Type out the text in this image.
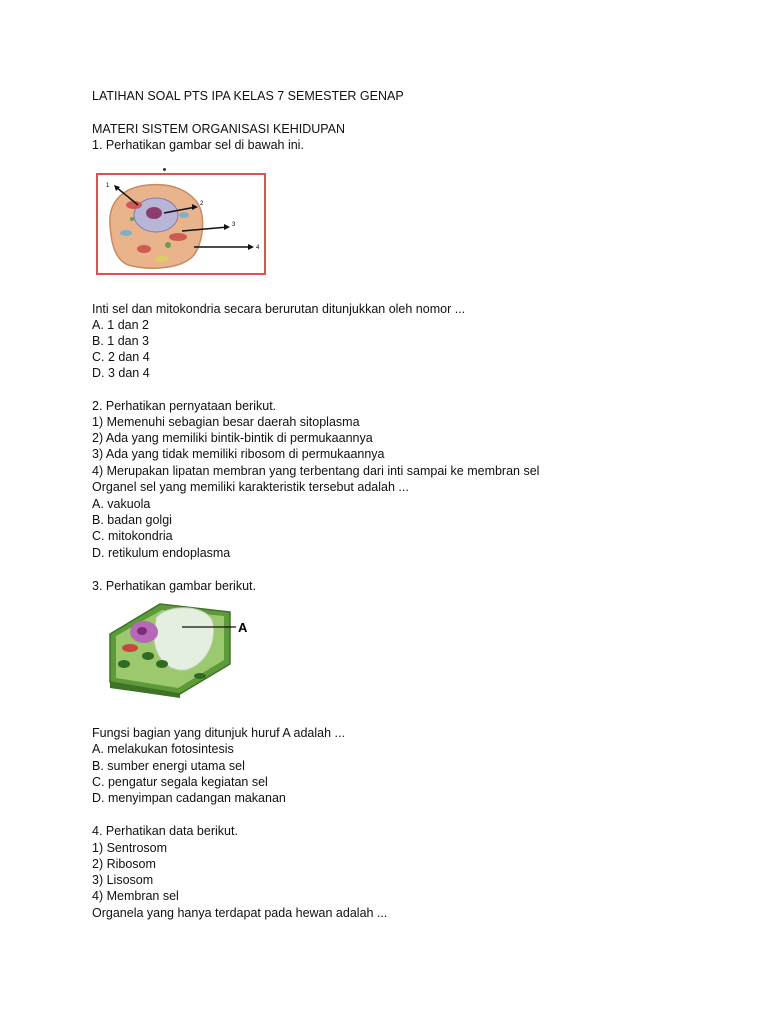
LATIHAN SOAL PTS IPA KELAS 7 SEMESTER GENAP
MATERI SISTEM ORGANISASI KEHIDUPAN
1. Perhatikan gambar sel di bawah ini.
1
2
3
4
Inti sel dan mitokondria secara berurutan ditunjukkan oleh nomor ...
A. 1 dan 2
B. 1 dan 3
C. 2 dan 4
D. 3 dan 4
2. Perhatikan pernyataan berikut.
1) Memenuhi sebagian besar daerah sitoplasma
2) Ada yang memiliki bintik-bintik di permukaannya
3) Ada yang tidak memiliki ribosom di permukaannya
4) Merupakan lipatan membran yang terbentang dari inti sampai ke membran sel
Organel sel yang memiliki karakteristik tersebut adalah ...
A. vakuola
B. badan golgi
C. mitokondria
D. retikulum endoplasma
3. Perhatikan gambar berikut.
A
Fungsi bagian yang ditunjuk huruf A adalah ...
A. melakukan fotosintesis
B. sumber energi utama sel
C. pengatur segala kegiatan sel
D. menyimpan cadangan makanan
4. Perhatikan data berikut.
1) Sentrosom
2) Ribosom
3) Lisosom
4) Membran sel
Organela yang hanya terdapat pada hewan adalah ...
